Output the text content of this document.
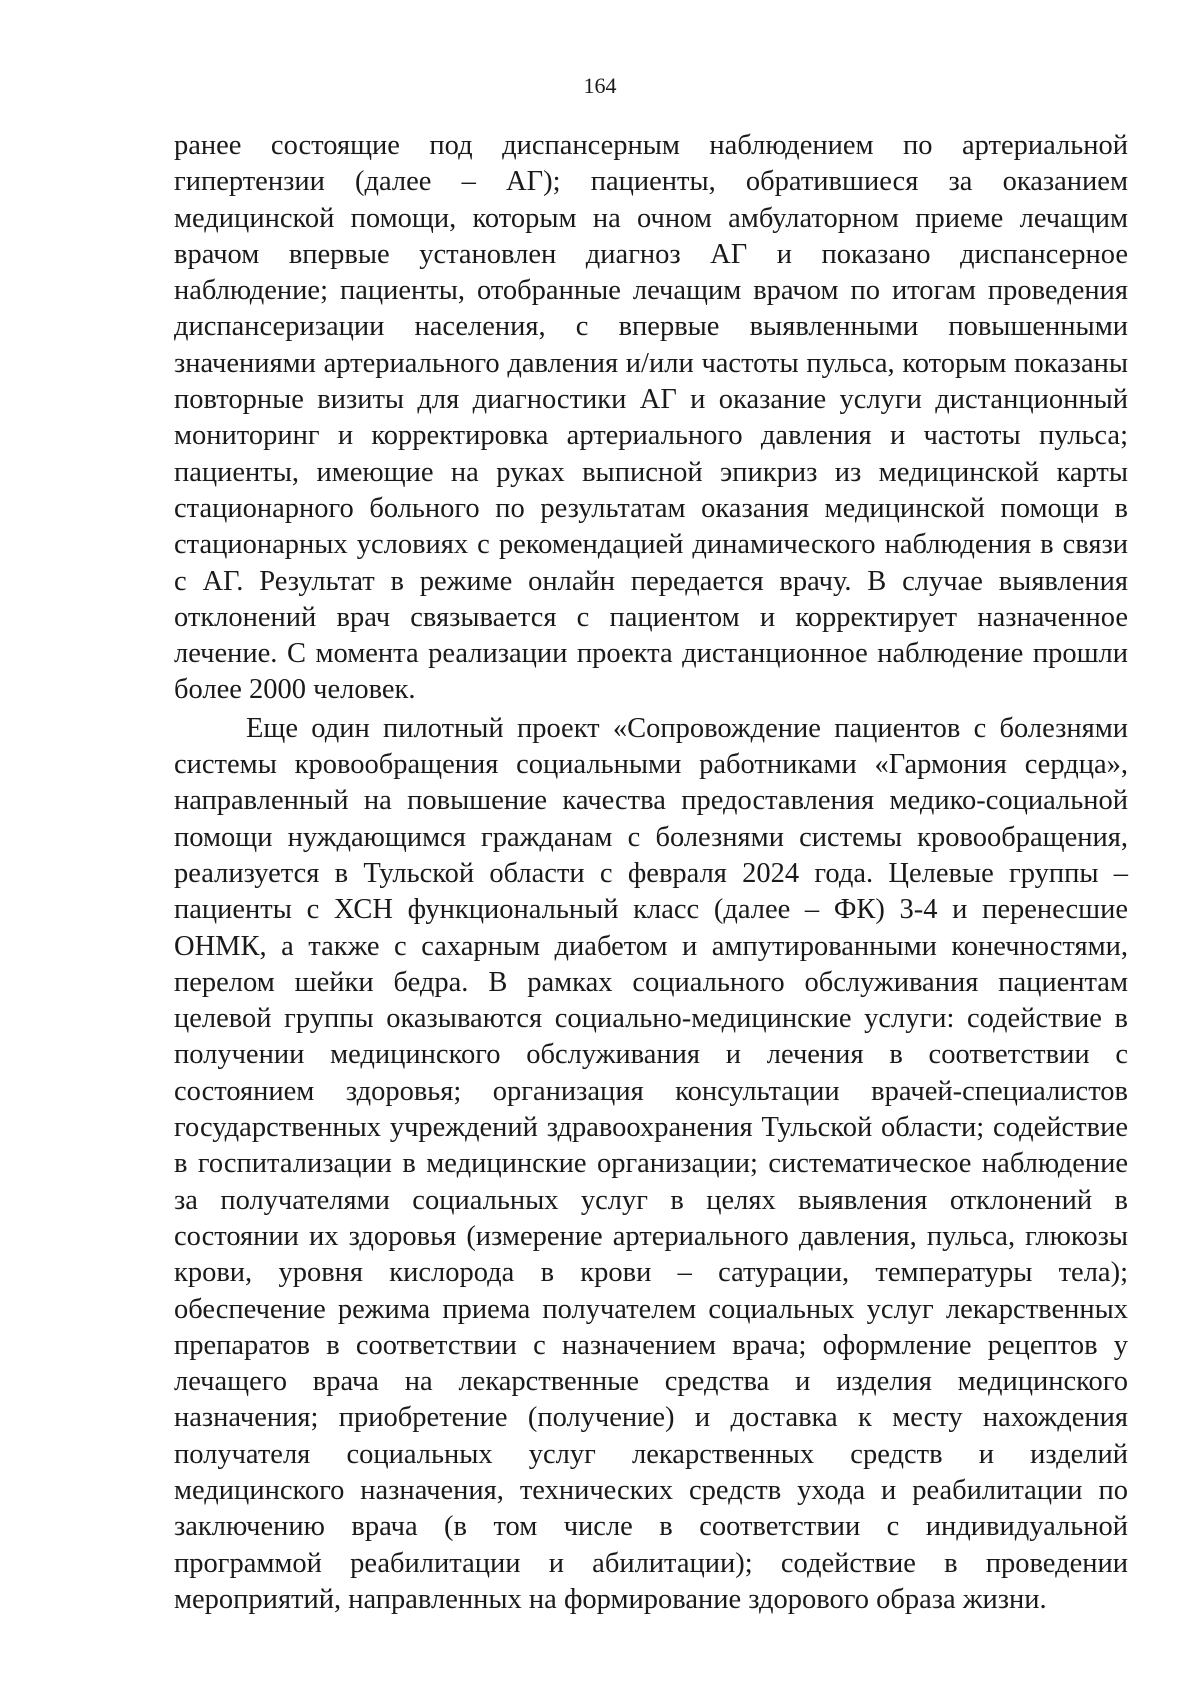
164

ранее состоящие под диспансерным наблюдением по артериальной гипертензии (далее – АГ); пациенты, обратившиеся за оказанием медицинской помощи, которым на очном амбулаторном приеме лечащим врачом впервые установлен диагноз АГ и показано диспансерное наблюдение; пациенты, отобранные лечащим врачом по итогам проведения диспансеризации населения, с впервые выявленными повышенными значениями артериального давления и/или частоты пульса, которым показаны повторные визиты для диагностики АГ и оказание услуги дистанционный мониторинг и корректировка артериального давления и частоты пульса; пациенты, имеющие на руках выписной эпикриз из медицинской карты стационарного больного по результатам оказания медицинской помощи в стационарных условиях с рекомендацией динамического наблюдения в связи с АГ. Результат в режиме онлайн передается врачу. В случае выявления отклонений врач связывается с пациентом и корректирует назначенное лечение. С момента реализации проекта дистанционное наблюдение прошли более 2000 человек.

Еще один пилотный проект «Сопровождение пациентов с болезнями системы кровообращения социальными работниками «Гармония сердца», направленный на повышение качества предоставления медико-социальной помощи нуждающимся гражданам с болезнями системы кровообращения, реализуется в Тульской области с февраля 2024 года. Целевые группы – пациенты с ХСН функциональный класс (далее – ФК) 3-4 и перенесшие ОНМК, а также с сахарным диабетом и ампутированными конечностями, перелом шейки бедра. В рамках социального обслуживания пациентам целевой группы оказываются социально-медицинские услуги: содействие в получении медицинского обслуживания и лечения в соответствии с состоянием здоровья; организация консультации врачей-специалистов государственных учреждений здравоохранения Тульской области; содействие в госпитализации в медицинские организации; систематическое наблюдение за получателями социальных услуг в целях выявления отклонений в состоянии их здоровья (измерение артериального давления, пульса, глюкозы крови, уровня кислорода в крови – сатурации, температуры тела); обеспечение режима приема получателем социальных услуг лекарственных препаратов в соответствии с назначением врача; оформление рецептов у лечащего врача на лекарственные средства и изделия медицинского назначения; приобретение (получение) и доставка к месту нахождения получателя социальных услуг лекарственных средств и изделий медицинского назначения, технических средств ухода и реабилитации по заключению врача (в том числе в соответствии с индивидуальной программой реабилитации и абилитации); содействие в проведении мероприятий, направленных на формирование здорового образа жизни.
